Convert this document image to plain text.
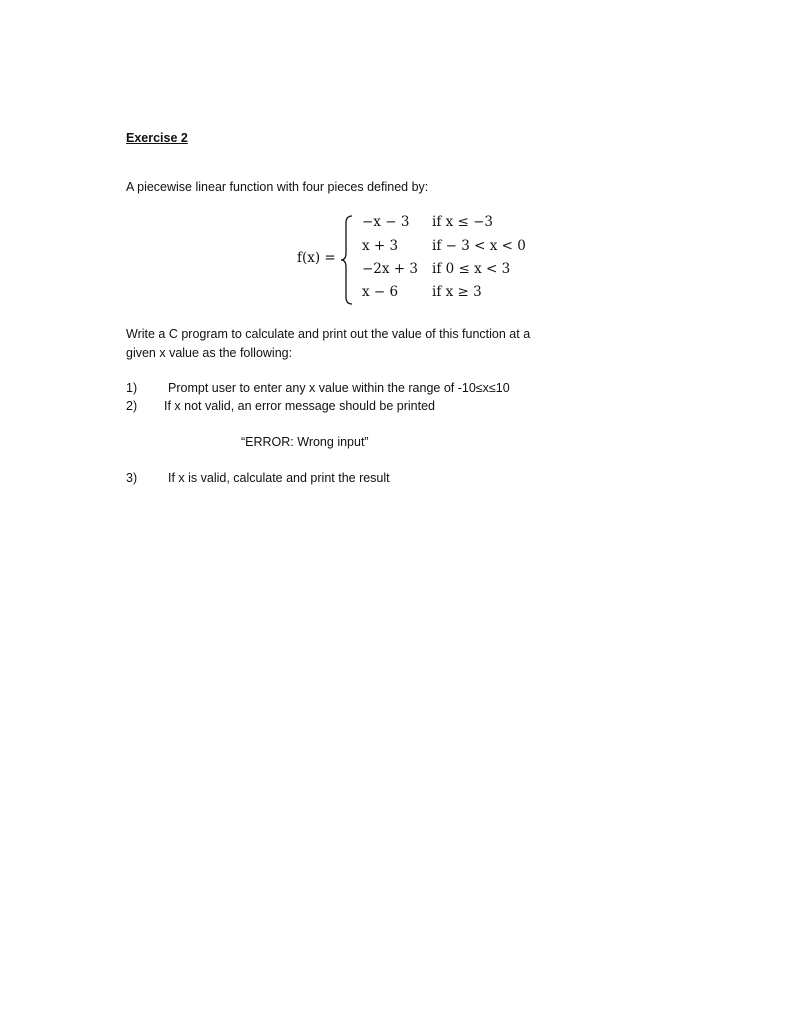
Exercise 2
A piecewise linear function with four pieces defined by:
f(x) =
−x − 3 if x ≤ −3
x + 3	if − 3 < x < 0
−2x + 3 if 0 ≤ x < 3
x − 6	if x ≥ 3
Write a C program to calculate and print out the value of this function at a
given x value as the following:
1) Prompt user to enter any x value within the range of -10≤x≤10
2) If x not valid, an error message should be printed
“ERROR: Wrong input”
3) If x is valid, calculate and print the result
